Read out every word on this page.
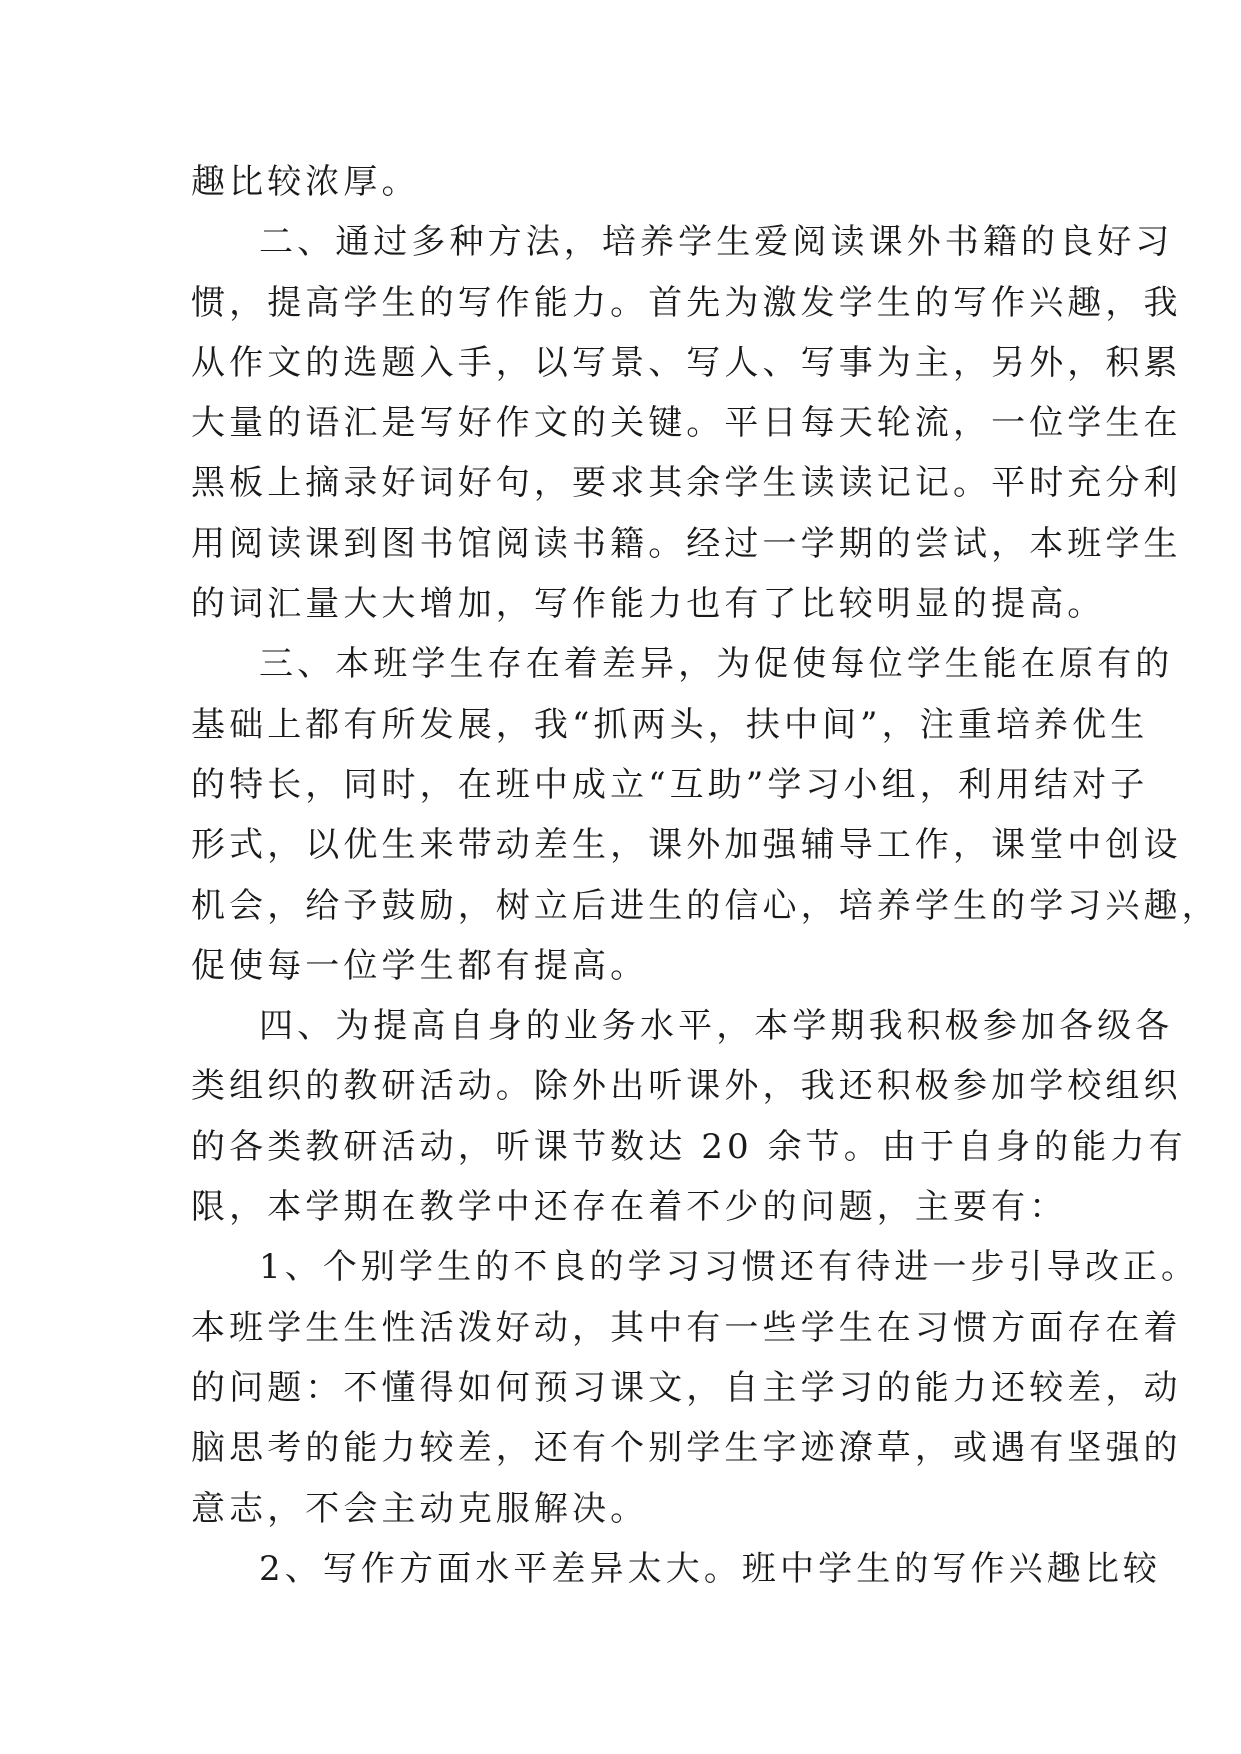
趣比较浓厚。
二、通过多种方法，培养学生爱阅读课外书籍的良好习
惯，提高学生的写作能力。首先为激发学生的写作兴趣，我
从作文的选题入手，以写景、写人、写事为主，另外，积累
大量的语汇是写好作文的关键。平日每天轮流，一位学生在
黑板上摘录好词好句，要求其余学生读读记记。平时充分利
用阅读课到图书馆阅读书籍。经过一学期的尝试，本班学生
的词汇量大大增加，写作能力也有了比较明显的提高。
三、本班学生存在着差异，为促使每位学生能在原有的
基础上都有所发展，我“抓两头，扶中间”，注重培养优生
的特长，同时，在班中成立“互助”学习小组，利用结对子
形式，以优生来带动差生，课外加强辅导工作，课堂中创设
机会，给予鼓励，树立后进生的信心，培养学生的学习兴趣，
促使每一位学生都有提高。
四、为提高自身的业务水平，本学期我积极参加各级各
类组织的教研活动。除外出听课外，我还积极参加学校组织
的各类教研活动，听课节数达 20 余节。由于自身的能力有
限，本学期在教学中还存在着不少的问题，主要有：
1、个别学生的不良的学习习惯还有待进一步引导改正。
本班学生生性活泼好动，其中有一些学生在习惯方面存在着
的问题：不懂得如何预习课文，自主学习的能力还较差，动
脑思考的能力较差，还有个别学生字迹潦草，或遇有坚强的
意志，不会主动克服解决。
2、写作方面水平差异太大。班中学生的写作兴趣比较
